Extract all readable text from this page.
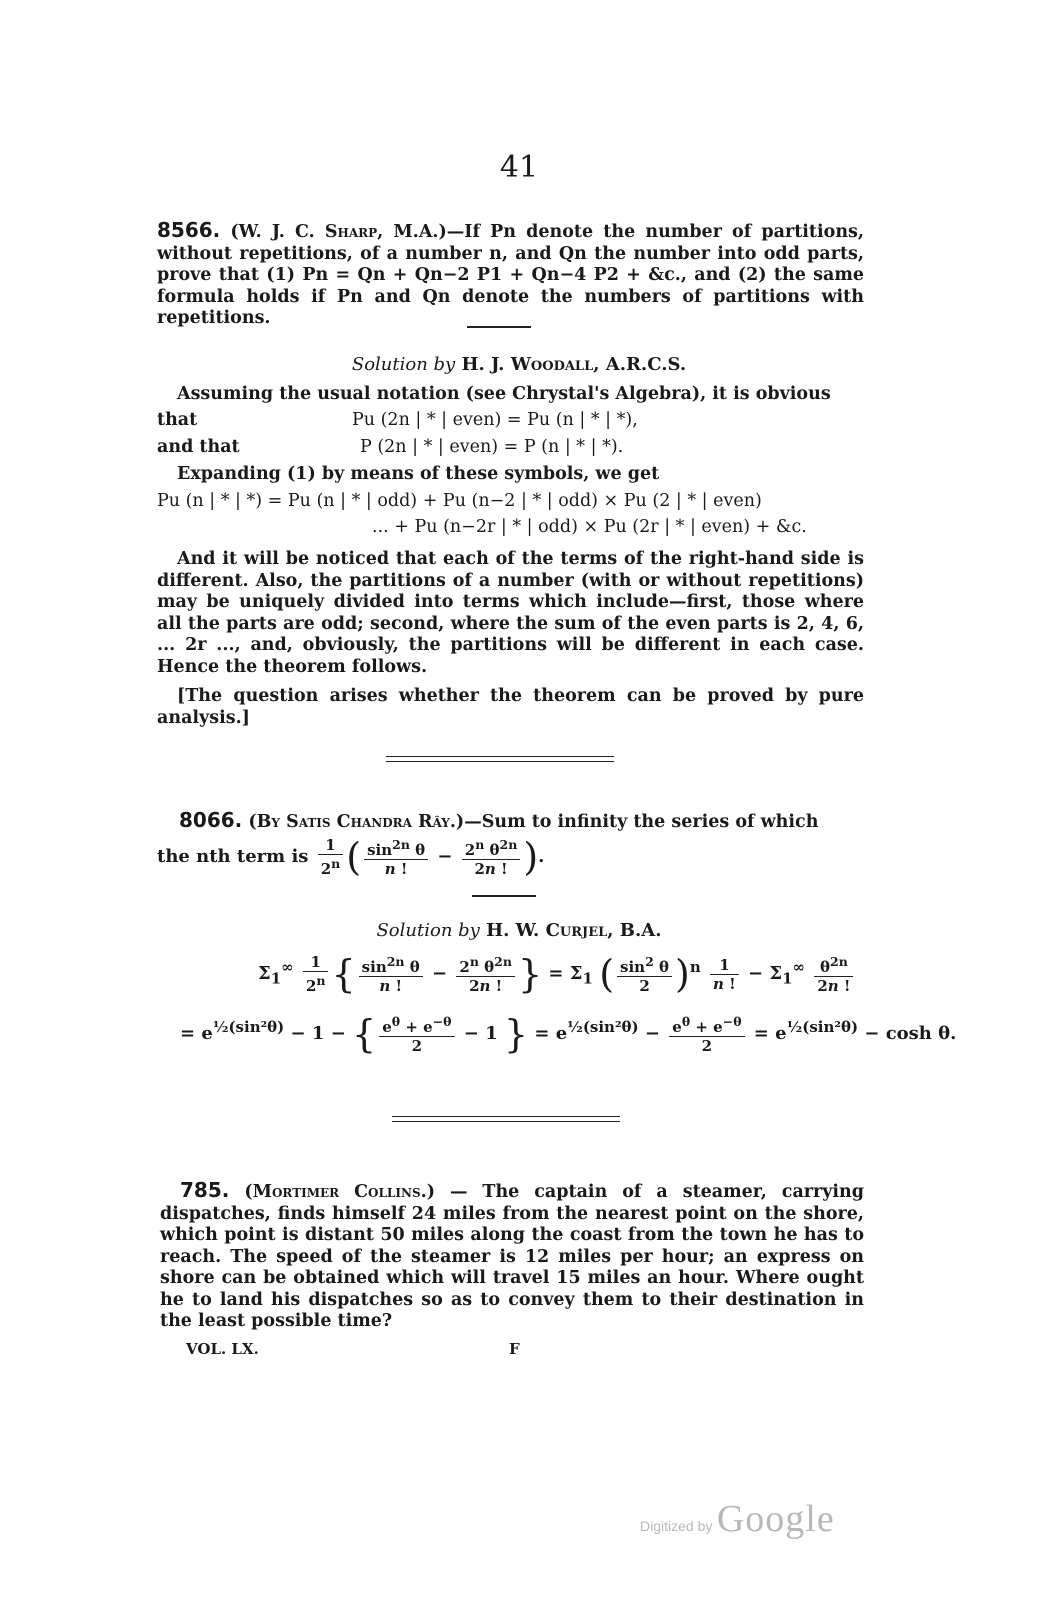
41
8566. (W. J. C. Sharp, M.A.)—If Pn denote the number of partitions, without repetitions, of a number n, and Qn the number into odd parts, prove that (1) Pn = Qn + Qn−2 P1 + Qn−4 P2 + &c., and (2) the same formula holds if Pn and Qn denote the numbers of partitions with repetitions.
Solution by H. J. Woodall, A.R.C.S.
Assuming the usual notation (see Chrystal's Algebra), it is obvious
that	Pu (2n | * | even) = Pu (n | * | *),
and that	P (2n | * | even) = P (n | * | *).
Expanding (1) by means of these symbols, we get
Pu (n | * | *) = Pu (n | * | odd) + Pu (n−2 | * | odd) × Pu (2 | * | even)
... + Pu (n−2r | * | odd) × Pu (2r | * | even) + &c.
And it will be noticed that each of the terms of the right-hand side is different. Also, the partitions of a number (with or without repetitions) may be uniquely divided into terms which include—first, those where all the parts are odd; second, where the sum of the even parts is 2, 4, 6, ... 2r ..., and, obviously, the partitions will be different in each case. Hence the theorem follows.
[The question arises whether the theorem can be proved by pure analysis.]
8066. (By Satis Chandra Rây.)—Sum to infinity the series of which
the nth term is $\frac{1}{2^n}$ ( $\frac{\sin^{2n} \theta}{n !} - \frac{2^n \theta^{2n}}{2n !}$ ).
Solution by H. W. Curjel, B.A.
$\Sigma_1^\infty \frac{1}{2^n}$ { $\frac{\sin^{2n} \theta}{n !} - \frac{2^n \theta^{2n}}{2n !}$ } = $\Sigma_1$ ( $\frac{\sin^2 \theta}{2} )^n \frac{1}{n !} - \Sigma_1^\infty \frac{\theta^{2n}}{2n !}$
= $e^{\frac{1}{2}(sin^2\theta)} - 1$ − { $\frac{e^\theta + e^{-\theta}}{2} - 1$ } = $e^{\frac{1}{2}(sin^2\theta)} - \frac{e^\theta + e^{-\theta}}{2} = e^{\frac{1}{2}(sin^2\theta)} - \cosh \theta$.
785. (Mortimer Collins.) — The captain of a steamer, carrying dispatches, finds himself 24 miles from the nearest point on the shore, which point is distant 50 miles along the coast from the town he has to reach. The speed of the steamer is 12 miles per hour; an express on shore can be obtained which will travel 15 miles an hour. Where ought he to land his dispatches so as to convey them to their destination in the least possible time?
VOL. LX.	F
Digitized by Google
